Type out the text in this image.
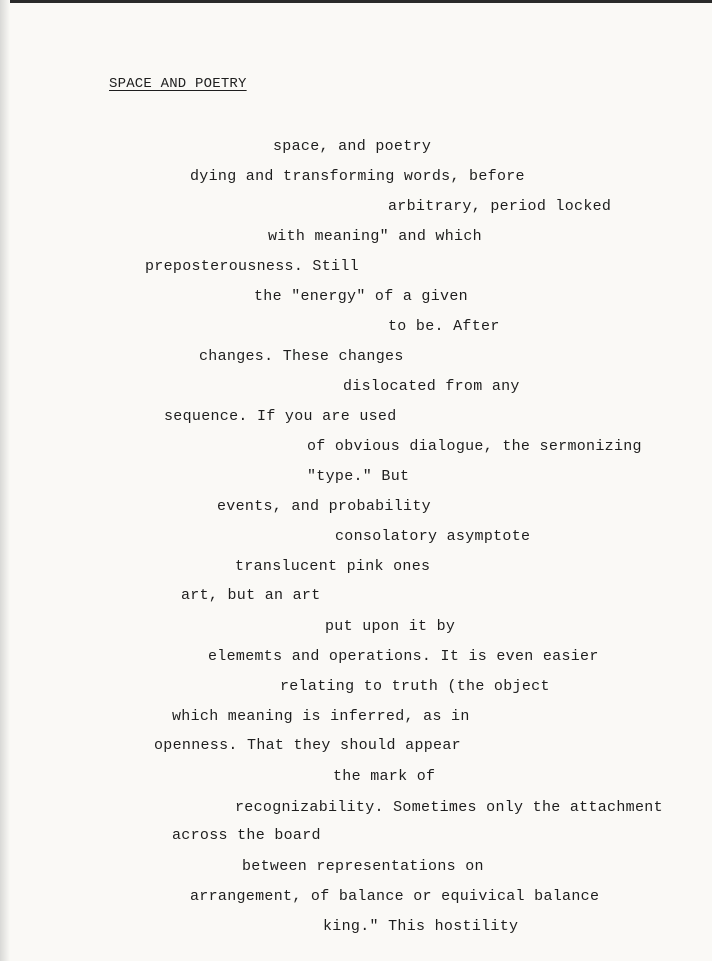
SPACE AND POETRY
space, and poetry
dying and transforming words, before
arbitrary, period locked
with meaning" and which
preposterousness. Still
the "energy" of a given
to be. After
changes. These changes
dislocated from any
sequence. If you are used
of obvious dialogue, the sermonizing
"type." But
events, and probability
consolatory asymptote
translucent pink ones
art, but an art
put upon it by
elememts and operations. It is even easier
relating to truth (the object
which meaning is inferred, as in
openness. That they should appear
the mark of
recognizability. Sometimes only the attachment
across the board
between representations on
arrangement, of balance or equivical balance
king." This hostility
